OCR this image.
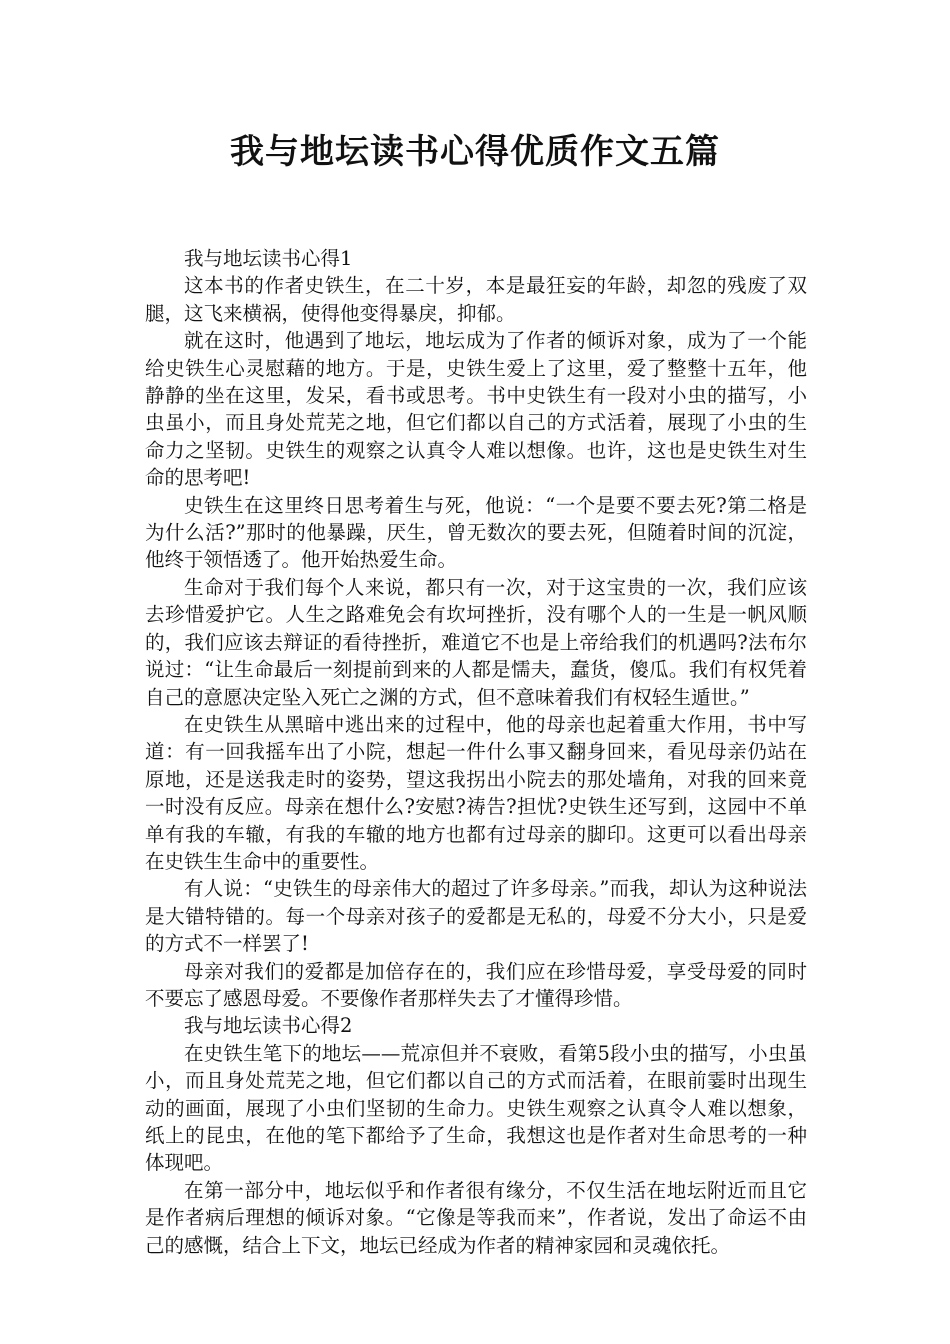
我与地坛读书心得优质作文五篇

我与地坛读书心得1

这本书的作者史铁生，在二十岁，本是最狂妄的年龄，却忽的残废了双腿，这飞来横祸，使得他变得暴戾，抑郁。

就在这时，他遇到了地坛，地坛成为了作者的倾诉对象，成为了一个能给史铁生心灵慰藉的地方。于是，史铁生爱上了这里，爱了整整十五年，他静静的坐在这里，发呆，看书或思考。书中史铁生有一段对小虫的描写，小虫虽小，而且身处荒芜之地，但它们都以自己的方式活着，展现了小虫的生命力之坚韧。史铁生的观察之认真令人难以想像。也许，这也是史铁生对生命的思考吧!

史铁生在这里终日思考着生与死，他说：“一个是要不要去死?第二格是为什么活?”那时的他暴躁，厌生，曾无数次的要去死，但随着时间的沉淀，他终于领悟透了。他开始热爱生命。

生命对于我们每个人来说，都只有一次，对于这宝贵的一次，我们应该去珍惜爱护它。人生之路难免会有坎坷挫折，没有哪个人的一生是一帆风顺的，我们应该去辩证的看待挫折，难道它不也是上帝给我们的机遇吗?法布尔说过：“让生命最后一刻提前到来的人都是懦夫，蠢货，傻瓜。我们有权凭着自己的意愿决定坠入死亡之渊的方式，但不意味着我们有权轻生遁世。”

在史铁生从黑暗中逃出来的过程中，他的母亲也起着重大作用，书中写道：有一回我摇车出了小院，想起一件什么事又翻身回来，看见母亲仍站在原地，还是送我走时的姿势，望这我拐出小院去的那处墙角，对我的回来竟一时没有反应。母亲在想什么?安慰?祷告?担忧?史铁生还写到，这园中不单单有我的车辙，有我的车辙的地方也都有过母亲的脚印。这更可以看出母亲在史铁生生命中的重要性。

有人说：“史铁生的母亲伟大的超过了许多母亲。”而我，却认为这种说法是大错特错的。每一个母亲对孩子的爱都是无私的，母爱不分大小，只是爱的方式不一样罢了!

母亲对我们的爱都是加倍存在的，我们应在珍惜母爱，享受母爱的同时不要忘了感恩母爱。不要像作者那样失去了才懂得珍惜。

我与地坛读书心得2

在史铁生笔下的地坛——荒凉但并不衰败，看第5段小虫的描写，小虫虽小，而且身处荒芜之地，但它们都以自己的方式而活着，在眼前霎时出现生动的画面，展现了小虫们坚韧的生命力。史铁生观察之认真令人难以想象，纸上的昆虫，在他的笔下都给予了生命，我想这也是作者对生命思考的一种体现吧。

在第一部分中，地坛似乎和作者很有缘分，不仅生活在地坛附近而且它是作者病后理想的倾诉对象。“它像是等我而来”，作者说，发出了命运不由己的感慨，结合上下文，地坛已经成为作者的精神家园和灵魂依托。
